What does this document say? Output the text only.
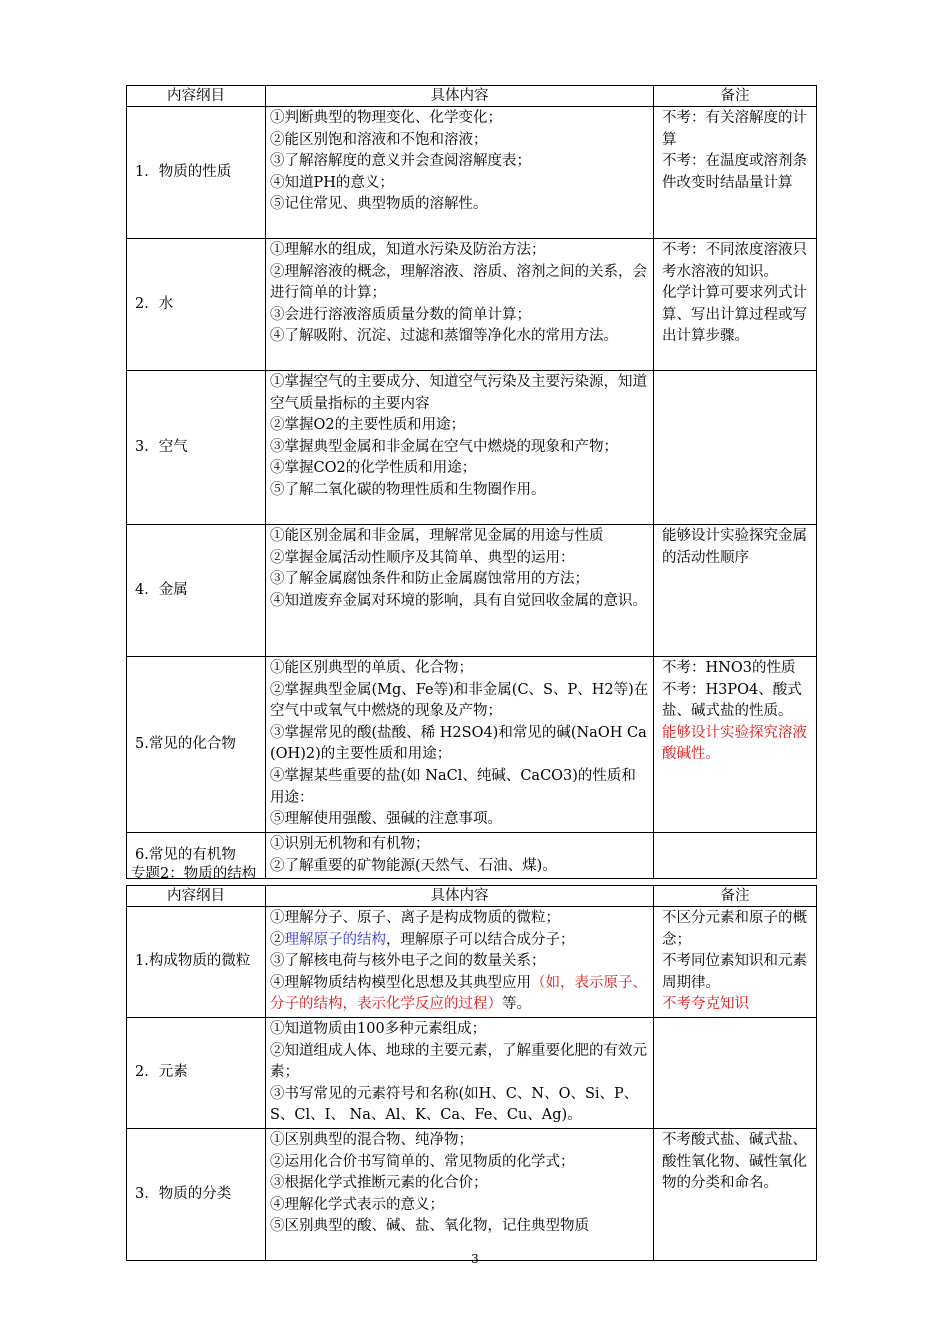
内容纲目	具体内容	备注
1．物质的性质	①判断典型的物理变化、化学变化；
②能区别饱和溶液和不饱和溶液；
③了解溶解度的意义并会查阅溶解度表；
④知道PH的意义；
⑤记住常见、典型物质的溶解性。	不考：有关溶解度的计算
不考：在温度或溶剂条件改变时结晶量计算

2．水	①理解水的组成，知道水污染及防治方法；
②理解溶液的概念，理解溶液、溶质、溶剂之间的关系，会进行简单的计算；
③会进行溶液溶质质量分数的简单计算；
④了解吸附、沉淀、过滤和蒸馏等净化水的常用方法。	不考：不同浓度溶液只考水溶液的知识。
化学计算可要求列式计算、写出计算过程或写出计算步骤。

3．空气	①掌握空气的主要成分、知道空气污染及主要污染源，知道空气质量指标的主要内容
②掌握O2的主要性质和用途；
③掌握典型金属和非金属在空气中燃烧的现象和产物；
④掌握CO2的化学性质和用途；
⑤了解二氧化碳的物理性质和生物圈作用。	

4．金属	①能区别金属和非金属，理解常见金属的用途与性质
②掌握金属活动性顺序及其简单、典型的运用：
③了解金属腐蚀条件和防止金属腐蚀常用的方法；
④知道废弃金属对环境的影响，具有自觉回收金属的意识。	能够设计实验探究金属的活动性顺序

5.常见的化合物	①能区别典型的单质、化合物；
②掌握典型金属(Mg、Fe等)和非金属(C、S、P、H2等)在空气中或氧气中燃烧的现象及产物；
③掌握常见的酸(盐酸、稀 H2SO4)和常见的碱(NaOH Ca(OH)2)的主要性质和用途；
④掌握某些重要的盐(如 NaCl、纯碱、CaCO3)的性质和用途：
⑤理解使用强酸、强碱的注意事项。	不考：HNO3的性质
不考：H3PO4、酸式盐、碱式盐的性质。
能够设计实验探究溶液酸碱性。

6.常见的有机物	①识别无机物和有机物；
②了解重要的矿物能源(天然气、石油、煤)。	

专题2：物质的结构
内容纲目	具体内容	备注
1.构成物质的微粒	①理解分子、原子、离子是构成物质的微粒；
②理解原子的结构，理解原子可以结合成分子；
③了解核电荷与核外电子之间的数量关系；
④理解物质结构模型化思想及其典型应用（如，表示原子、分子的结构，表示化学反应的过程）等。	不区分元素和原子的概念；
不考同位素知识和元素周期律。
不考夸克知识

2．元素	①知道物质由100多种元素组成；
②知道组成人体、地球的主要元素，了解重要化肥的有效元素；
③书写常见的元素符号和名称(如H、C、N、O、Si、P、S、Cl、I、 Na、Al、K、Ca、Fe、Cu、Ag)。	

3．物质的分类	①区别典型的混合物、纯净物；
②运用化合价书写简单的、常见物质的化学式；
③根据化学式推断元素的化合价；
④理解化学式表示的意义；
⑤区别典型的酸、碱、盐、氧化物，记住典型物质	不考酸式盐、碱式盐、酸性氧化物、碱性氧化物的分类和命名。
3
